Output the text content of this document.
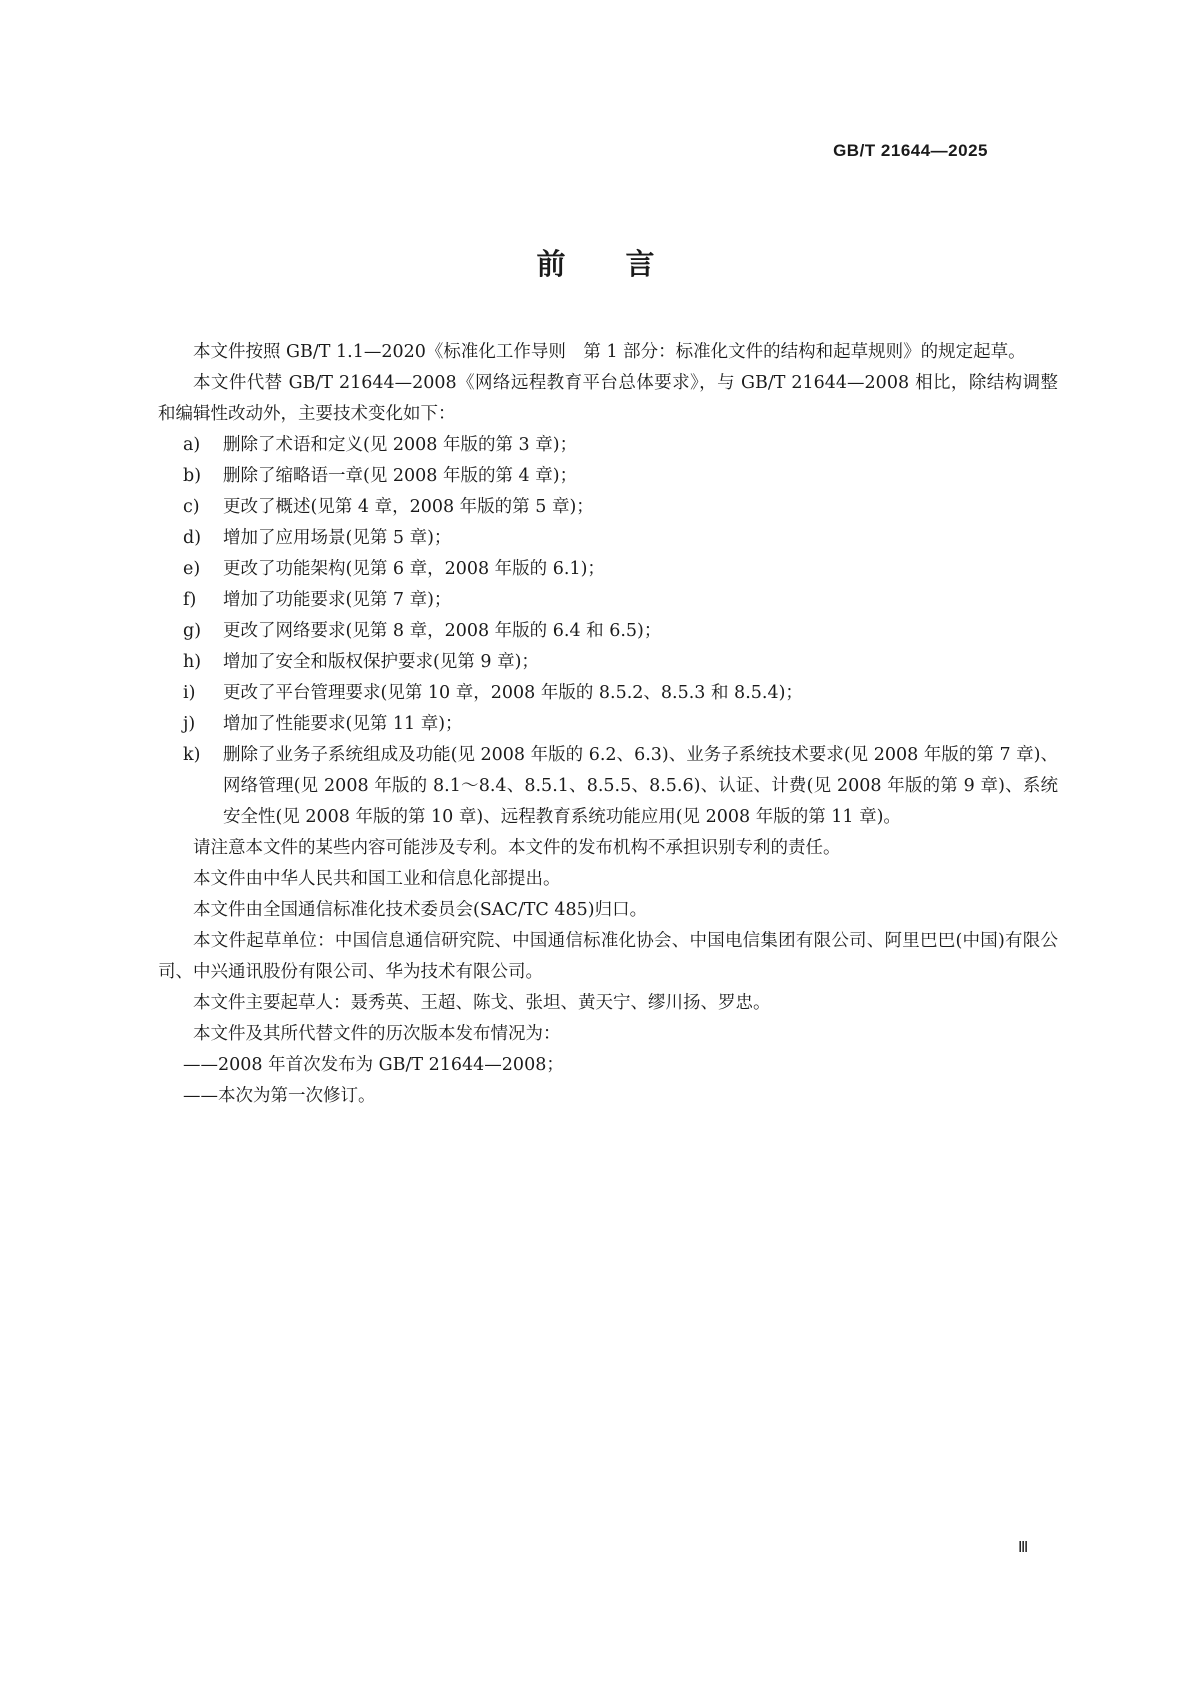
GB/T 21644—2025
前言

本文件按照 GB/T 1.1—2020《标准化工作导则　第 1 部分：标准化文件的结构和起草规则》的规定起草。

本文件代替 GB/T 21644—2008《网络远程教育平台总体要求》，与 GB/T 21644—2008 相比，除结构调整和编辑性改动外，主要技术变化如下：

a)	删除了术语和定义(见 2008 年版的第 3 章)；
b)	删除了缩略语一章(见 2008 年版的第 4 章)；
c)	更改了概述(见第 4 章，2008 年版的第 5 章)；
d)	增加了应用场景(见第 5 章)；
e)	更改了功能架构(见第 6 章，2008 年版的 6.1)；
f)	增加了功能要求(见第 7 章)；
g)	更改了网络要求(见第 8 章，2008 年版的 6.4 和 6.5)；
h)	增加了安全和版权保护要求(见第 9 章)；
i)	更改了平台管理要求(见第 10 章，2008 年版的 8.5.2、8.5.3 和 8.5.4)；
j)	增加了性能要求(见第 11 章)；
k)	删除了业务子系统组成及功能(见 2008 年版的 6.2、6.3)、业务子系统技术要求(见 2008 年版的第 7 章)、网络管理(见 2008 年版的 8.1～8.4、8.5.1、8.5.5、8.5.6)、认证、计费(见 2008 年版的第 9 章)、系统安全性(见 2008 年版的第 10 章)、远程教育系统功能应用(见 2008 年版的第 11 章)。

请注意本文件的某些内容可能涉及专利。本文件的发布机构不承担识别专利的责任。

本文件由中华人民共和国工业和信息化部提出。

本文件由全国通信标准化技术委员会(SAC/TC 485)归口。

本文件起草单位：中国信息通信研究院、中国通信标准化协会、中国电信集团有限公司、阿里巴巴(中国)有限公司、中兴通讯股份有限公司、华为技术有限公司。

本文件主要起草人：聂秀英、王超、陈戈、张坦、黄天宁、缪川扬、罗忠。

本文件及其所代替文件的历次版本发布情况为：

——2008 年首次发布为 GB/T 21644—2008；

——本次为第一次修订。

Ⅲ
